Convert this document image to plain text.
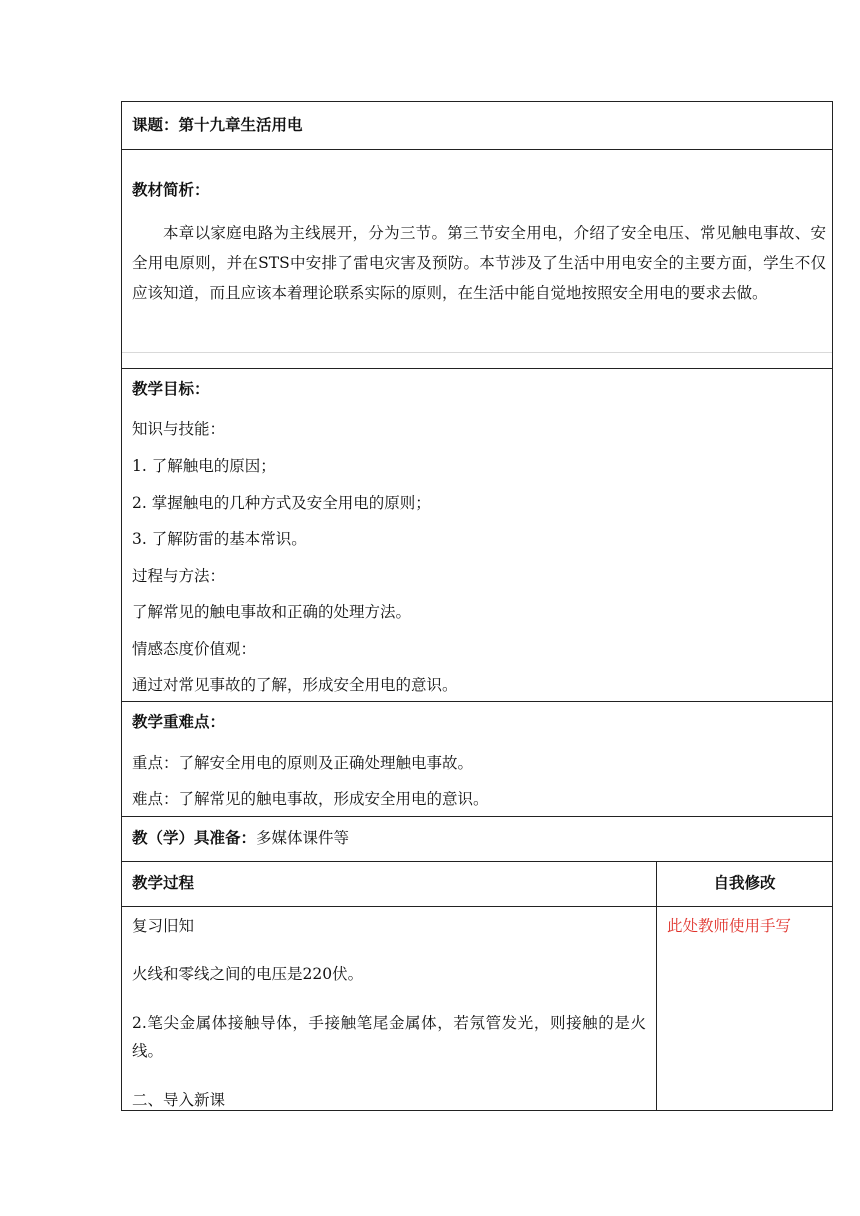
课题：第十九章生活用电
教材简析：
本章以家庭电路为主线展开，分为三节。第三节安全用电，介绍了安全电压、常见触电事故、安全用电原则，并在STS中安排了雷电灾害及预防。本节涉及了生活中用电安全的主要方面，学生不仅应该知道，而且应该本着理论联系实际的原则，在生活中能自觉地按照安全用电的要求去做。
教学目标：
知识与技能：
1. 了解触电的原因；
2. 掌握触电的几种方式及安全用电的原则；
3. 了解防雷的基本常识。
过程与方法：
了解常见的触电事故和正确的处理方法。
情感态度价值观：
通过对常见事故的了解，形成安全用电的意识。
教学重难点：
重点：了解安全用电的原则及正确处理触电事故。
难点：了解常见的触电事故，形成安全用电的意识。
教（学）具准备：多媒体课件等
教学过程	自我修改
复习旧知
火线和零线之间的电压是220伏。
2.笔尖金属体接触导体，手接触笔尾金属体，若氖管发光，则接触的是火线。
二、导入新课
此处教师使用手写
